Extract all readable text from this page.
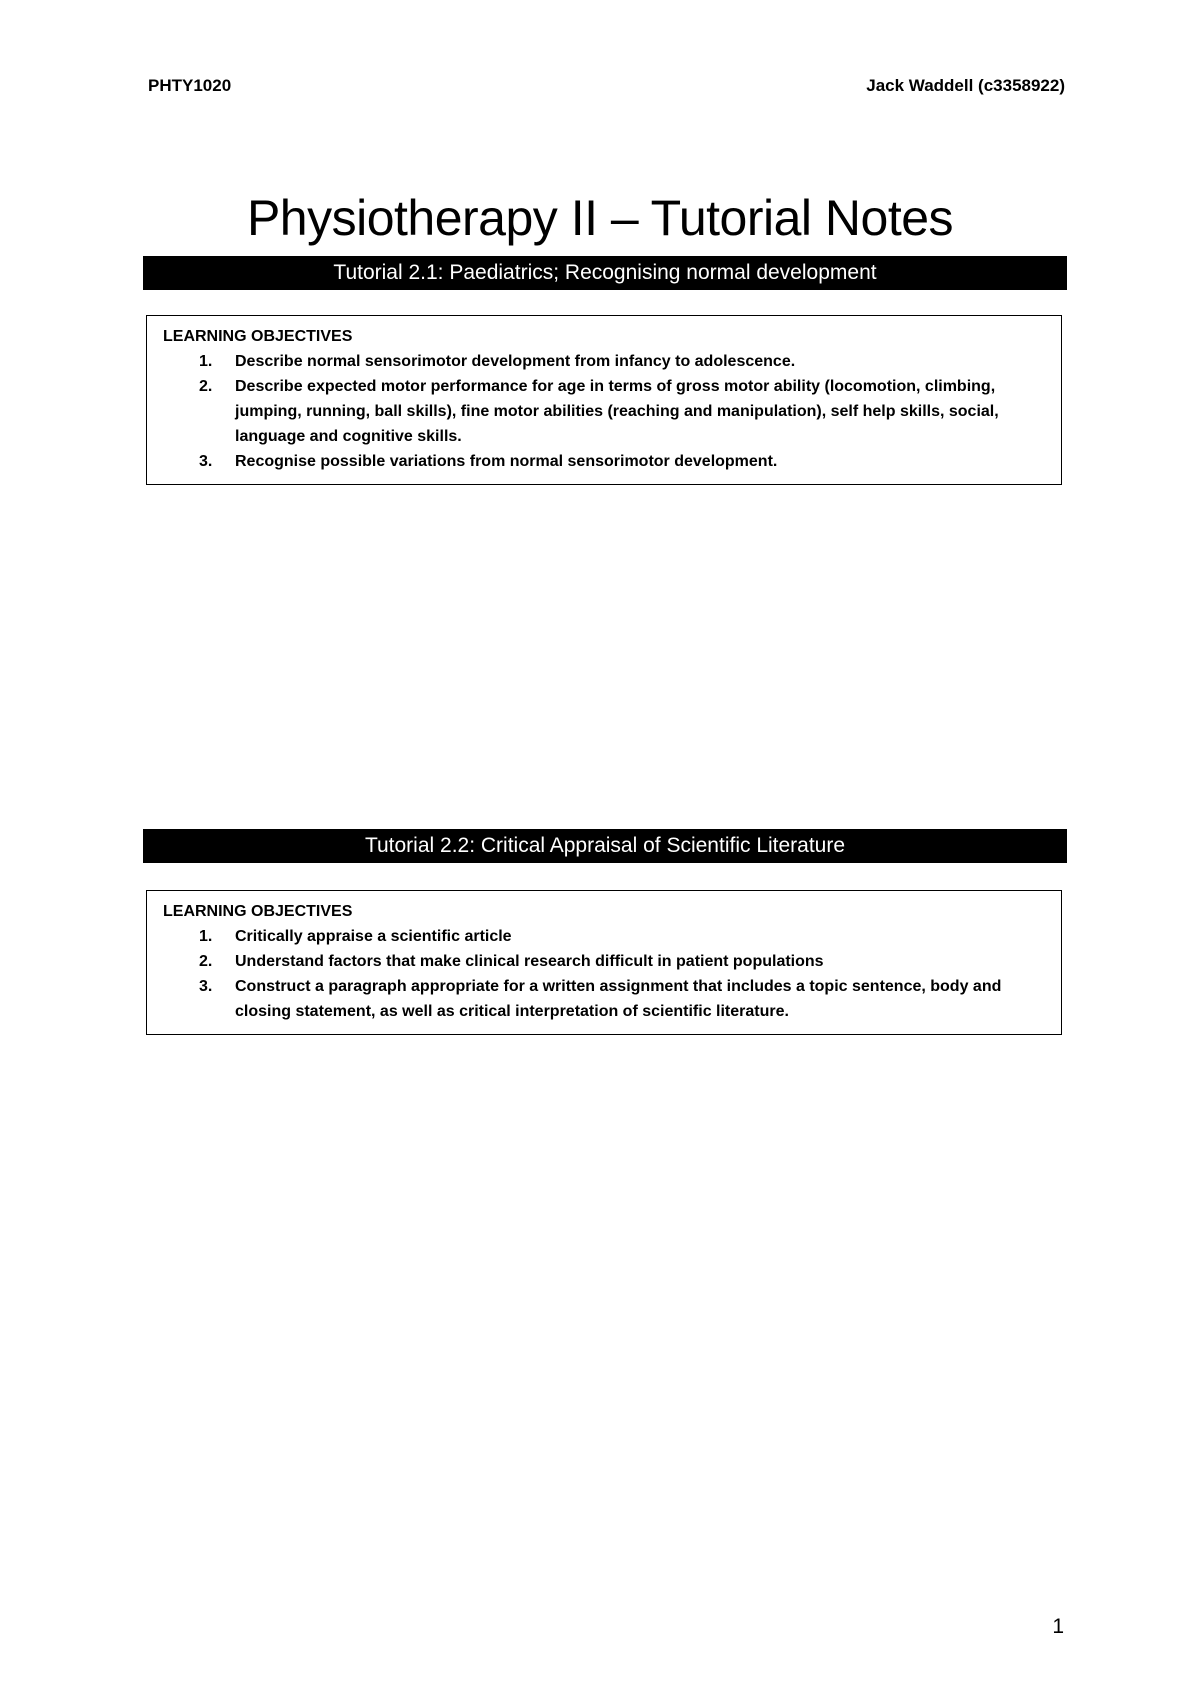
PHTY1020	Jack Waddell (c3358922)
Physiotherapy II – Tutorial Notes
Tutorial 2.1: Paediatrics; Recognising normal development
LEARNING OBJECTIVES
1. Describe normal sensorimotor development from infancy to adolescence.
2. Describe expected motor performance for age in terms of gross motor ability (locomotion, climbing, jumping, running, ball skills), fine motor abilities (reaching and manipulation), self help skills, social, language and cognitive skills.
3. Recognise possible variations from normal sensorimotor development.
Tutorial 2.2: Critical Appraisal of Scientific Literature
LEARNING OBJECTIVES
1. Critically appraise a scientific article
2. Understand factors that make clinical research difficult in patient populations
3. Construct a paragraph appropriate for a written assignment that includes a topic sentence, body and closing statement, as well as critical interpretation of scientific literature.
1
